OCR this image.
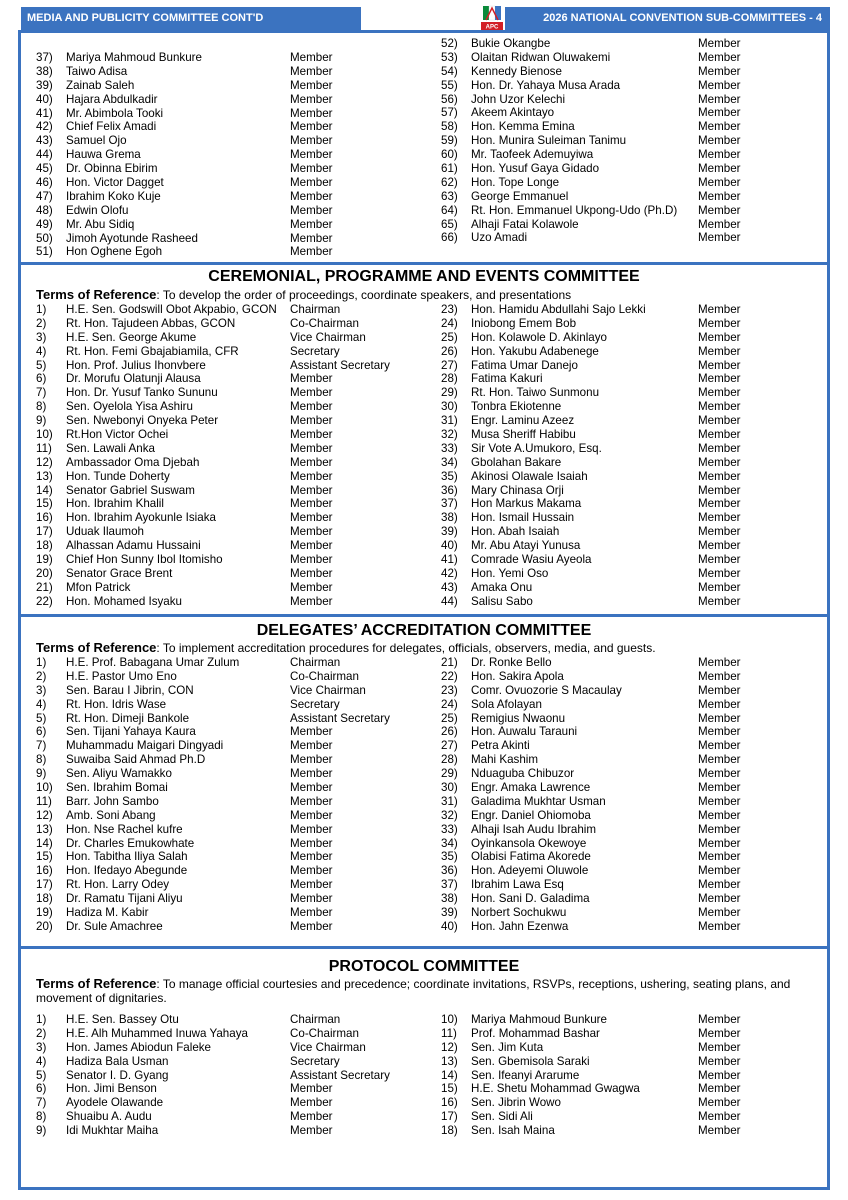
MEDIA AND PUBLICITY COMMITTEE CONT'D
APC
2026 NATIONAL CONVENTION SUB-COMMITTEES - 4
37) Mariya Mahmoud Bunkure	Member
38) Taiwo Adisa	Member
39) Zainab Saleh	Member
40) Hajara Abdulkadir	Member
41) Mr. Abimbola Tooki	Member
42) Chief Felix Amadi	Member
43) Samuel Ojo	Member
44) Hauwa Grema	Member
45) Dr. Obinna Ebirim	Member
46) Hon. Victor Dagget	Member
47) Ibrahim Koko Kuje	Member
48) Edwin Olofu	Member
49) Mr. Abu Sidiq	Member
50) Jimoh Ayotunde Rasheed	Member
51) Hon Oghene Egoh	Member
52) Bukie Okangbe	Member
53) Olaitan Ridwan Oluwakemi	Member
54) Kennedy Bienose	Member
55) Hon. Dr. Yahaya Musa Arada	Member
56) John Uzor Kelechi	Member
57) Akeem Akintayo	Member
58) Hon. Kemma Emina	Member
59) Hon. Munira Suleiman Tanimu	Member
60) Mr. Taofeek Ademuyiwa	Member
61) Hon. Yusuf Gaya Gidado	Member
62) Hon. Tope Longe	Member
63) George Emmanuel	Member
64) Rt. Hon. Emmanuel Ukpong-Udo (Ph.D) Member
65) Alhaji Fatai Kolawole	Member
66) Uzo Amadi	Member
CEREMONIAL, PROGRAMME AND EVENTS COMMITTEE
Terms of Reference: To develop the order of proceedings, coordinate speakers, and presentations
1) H.E. Sen. Godswill Obot Akpabio, GCON Chairman
2) Rt. Hon. Tajudeen Abbas, GCON	Co-Chairman
3) H.E. Sen. George Akume	Vice Chairman
4) Rt. Hon. Femi Gbajabiamila, CFR	Secretary
5) Hon. Prof. Julius Ihonvbere	Assistant Secretary
6) Dr. Morufu Olatunji Alausa	Member
7) Hon. Dr. Yusuf Tanko Sununu	Member
8) Sen. Oyelola Yisa Ashiru	Member
9) Sen. Nwebonyi Onyeka Peter	Member
10) Rt.Hon Victor Ochei	Member
11) Sen. Lawali Anka	Member
12) Ambassador Oma Djebah	Member
13) Hon. Tunde Doherty	Member
14) Senator Gabriel Suswam	Member
15) Hon. Ibrahim Khalil	Member
16) Hon. Ibrahim Ayokunle Isiaka	Member
17) Uduak Ilaumoh	Member
18) Alhassan Adamu Hussaini	Member
19) Chief Hon Sunny Ibol Itomisho	Member
20) Senator Grace Brent	Member
21) Mfon Patrick	Member
22) Hon. Mohamed Isyaku	Member
23) Hon. Hamidu Abdullahi Sajo Lekki	Member
24) Iniobong Emem Bob	Member
25) Hon. Kolawole D. Akinlayo	Member
26) Hon. Yakubu Adabenege	Member
27) Fatima Umar Danejo	Member
28) Fatima Kakuri	Member
29) Rt. Hon. Taiwo Sunmonu	Member
30) Tonbra Ekiotenne	Member
31) Engr. Laminu Azeez	Member
32) Musa Sheriff Habibu	Member
33) Sir Vote A.Umukoro, Esq.	Member
34) Gbolahan Bakare	Member
35) Akinosi Olawale Isaiah	Member
36) Mary Chinasa Orji	Member
37) Hon Markus Makama	Member
38) Hon. Ismail Hussain	Member
39) Hon. Abah Isaiah	Member
40) Mr. Abu Atayi Yunusa	Member
41) Comrade Wasiu Ayeola	Member
42) Hon. Yemi Oso	Member
43) Amaka Onu	Member
44) Salisu Sabo	Member
DELEGATES’ ACCREDITATION COMMITTEE
Terms of Reference: To implement accreditation procedures for delegates, officials, observers, media, and guests.
1) H.E. Prof. Babagana Umar Zulum	Chairman
2) H.E. Pastor Umo Eno	Co-Chairman
3) Sen. Barau I Jibrin, CON	Vice Chairman
4) Rt. Hon. Idris Wase	Secretary
5) Rt. Hon. Dimeji Bankole	Assistant Secretary
6) Sen. Tijani Yahaya Kaura	Member
7) Muhammadu Maigari Dingyadi	Member
8) Suwaiba Said Ahmad Ph.D	Member
9) Sen. Aliyu Wamakko	Member
10) Sen. Ibrahim Bomai	Member
11) Barr. John Sambo	Member
12) Amb. Soni Abang	Member
13) Hon. Nse Rachel kufre	Member
14) Dr. Charles Emukowhate	Member
15) Hon. Tabitha Iliya Salah	Member
16) Hon. Ifedayo Abegunde	Member
17) Rt. Hon. Larry Odey	Member
18) Dr. Ramatu Tijani Aliyu	Member
19) Hadiza M. Kabir	Member
20) Dr. Sule Amachree	Member
21) Dr. Ronke Bello	Member
22) Hon. Sakira Apola	Member
23) Comr. Ovuozorie S Macaulay	Member
24) Sola Afolayan	Member
25) Remigius Nwaonu	Member
26) Hon. Auwalu Tarauni	Member
27) Petra Akinti	Member
28) Mahi Kashim	Member
29) Nduaguba Chibuzor	Member
30) Engr. Amaka Lawrence	Member
31) Galadima Mukhtar Usman	Member
32) Engr. Daniel Ohiomoba	Member
33) Alhaji Isah Audu Ibrahim	Member
34) Oyinkansola Okewoye	Member
35) Olabisi Fatima Akorede	Member
36) Hon. Adeyemi Oluwole	Member
37) Ibrahim Lawa Esq	Member
38) Hon. Sani D. Galadima	Member
39) Norbert Sochukwu	Member
40) Hon. Jahn Ezenwa	Member
PROTOCOL COMMITTEE
Terms of Reference: To manage official courtesies and precedence; coordinate invitations, RSVPs, receptions, ushering, seating plans, and movement of dignitaries.
1) H.E. Sen. Bassey Otu	Chairman
2) H.E. Alh Muhammed Inuwa Yahaya	Co-Chairman
3) Hon. James Abiodun Faleke	Vice Chairman
4) Hadiza Bala Usman	Secretary
5) Senator I. D. Gyang	Assistant Secretary
6) Hon. Jimi Benson	Member
7) Ayodele Olawande	Member
8) Shuaibu A. Audu	Member
9) Idi Mukhtar Maiha	Member
10) Mariya Mahmoud Bunkure	Member
11) Prof. Mohammad Bashar	Member
12) Sen. Jim Kuta	Member
13) Sen. Gbemisola Saraki	Member
14) Sen. Ifeanyi Ararume	Member
15) H.E. Shetu Mohammad Gwagwa	Member
16) Sen. Jibrin Wowo	Member
17) Sen. Sidi Ali	Member
18) Sen. Isah Maina	Member
